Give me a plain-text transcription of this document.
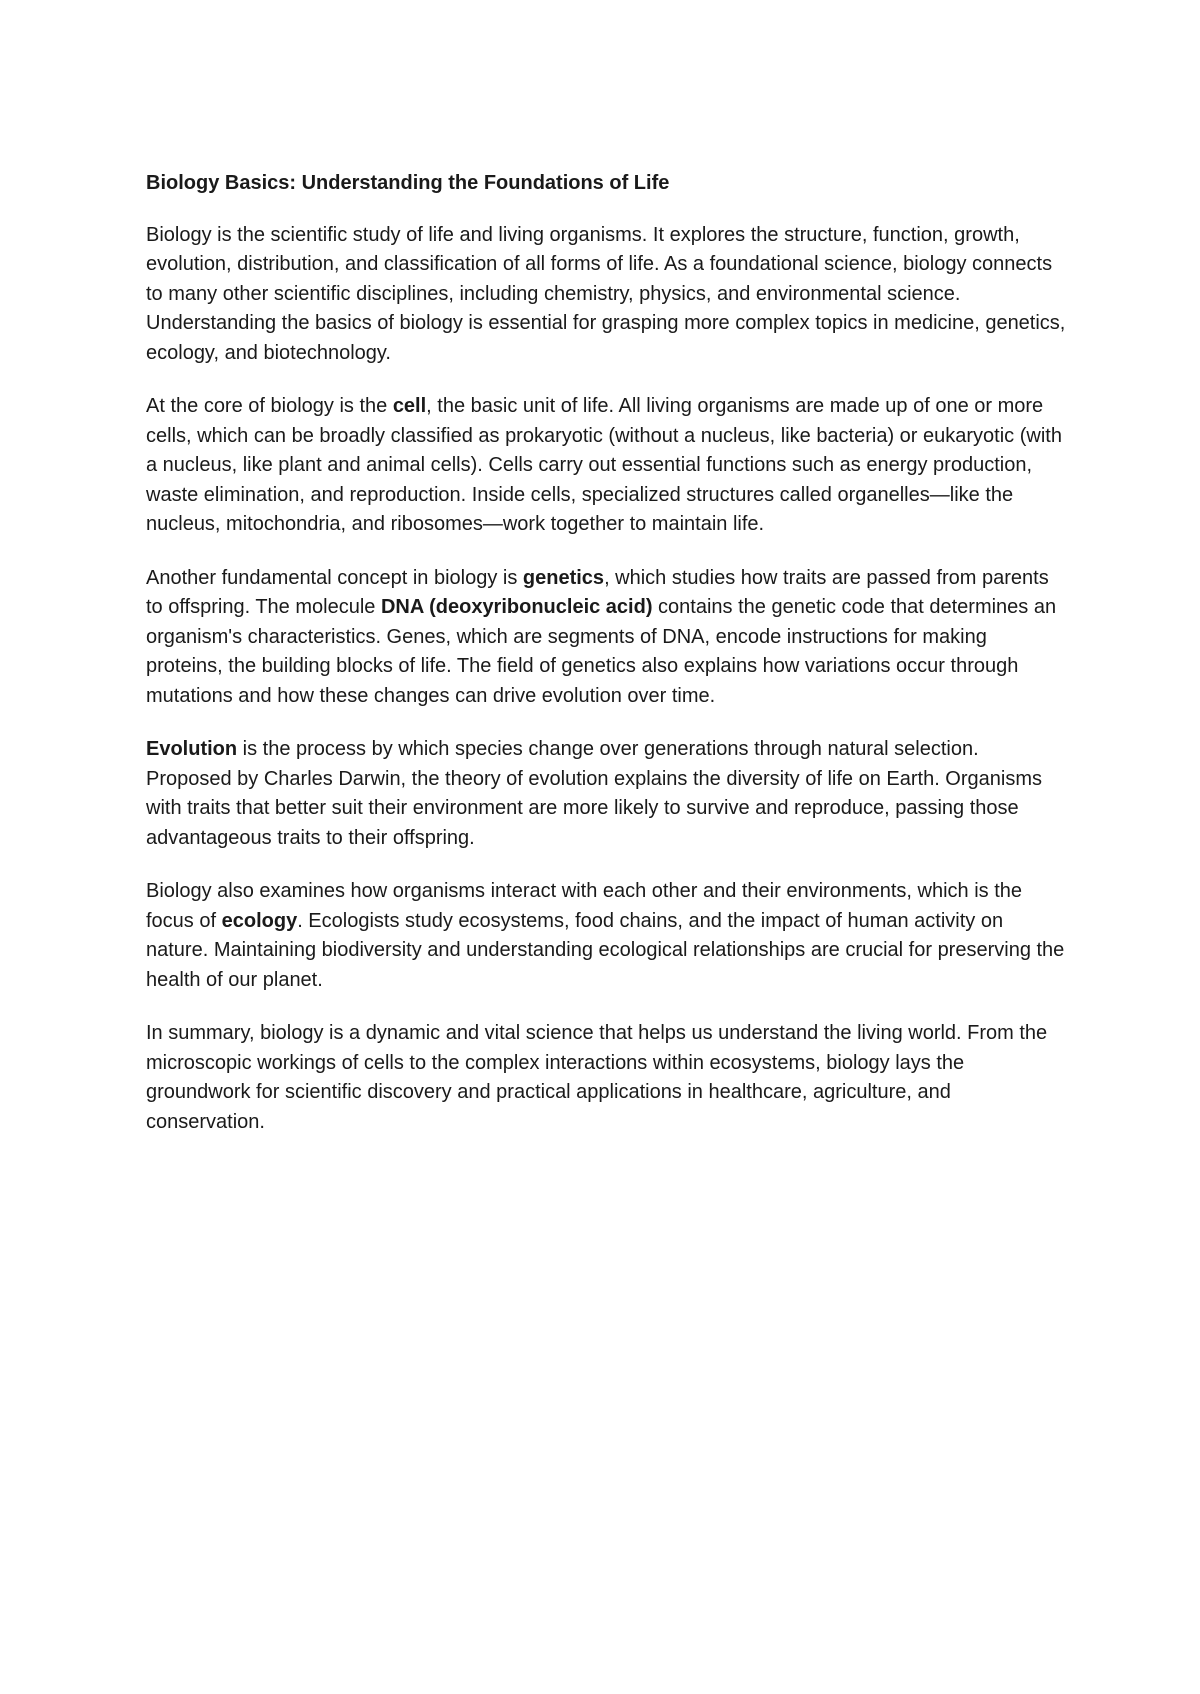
Biology Basics: Understanding the Foundations of Life

Biology is the scientific study of life and living organisms. It explores the structure, function, growth, evolution, distribution, and classification of all forms of life. As a foundational science, biology connects to many other scientific disciplines, including chemistry, physics, and environmental science. Understanding the basics of biology is essential for grasping more complex topics in medicine, genetics, ecology, and biotechnology.

At the core of biology is the cell, the basic unit of life. All living organisms are made up of one or more cells, which can be broadly classified as prokaryotic (without a nucleus, like bacteria) or eukaryotic (with a nucleus, like plant and animal cells). Cells carry out essential functions such as energy production, waste elimination, and reproduction. Inside cells, specialized structures called organelles—like the nucleus, mitochondria, and ribosomes—work together to maintain life.

Another fundamental concept in biology is genetics, which studies how traits are passed from parents to offspring. The molecule DNA (deoxyribonucleic acid) contains the genetic code that determines an organism's characteristics. Genes, which are segments of DNA, encode instructions for making proteins, the building blocks of life. The field of genetics also explains how variations occur through mutations and how these changes can drive evolution over time.

Evolution is the process by which species change over generations through natural selection. Proposed by Charles Darwin, the theory of evolution explains the diversity of life on Earth. Organisms with traits that better suit their environment are more likely to survive and reproduce, passing those advantageous traits to their offspring.

Biology also examines how organisms interact with each other and their environments, which is the focus of ecology. Ecologists study ecosystems, food chains, and the impact of human activity on nature. Maintaining biodiversity and understanding ecological relationships are crucial for preserving the health of our planet.

In summary, biology is a dynamic and vital science that helps us understand the living world. From the microscopic workings of cells to the complex interactions within ecosystems, biology lays the groundwork for scientific discovery and practical applications in healthcare, agriculture, and conservation.
